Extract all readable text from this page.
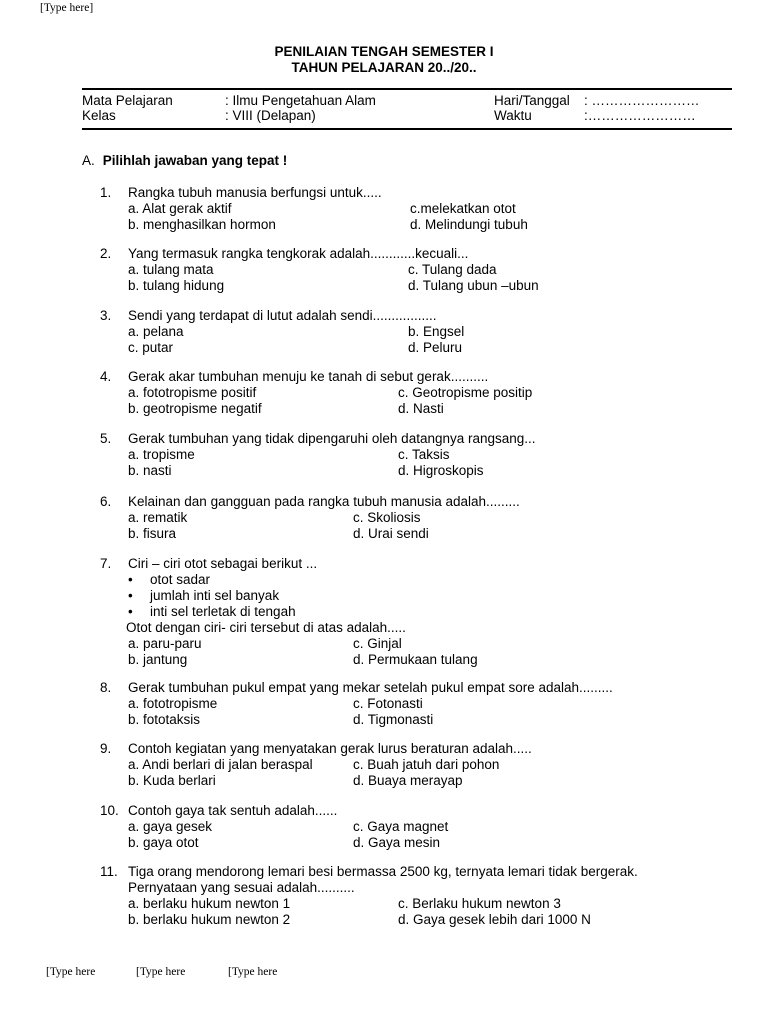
[Type here]
PENILAIAN TENGAH SEMESTER I
TAHUN PELAJARAN 20../20..
Mata Pelajaran	: Ilmu Pengetahuan Alam	Hari/Tanggal : ……………………
Kelas	: VIII (Delapan)	Waktu	:……………………
A. Pilihlah jawaban yang tepat !
1. Rangka tubuh manusia berfungsi untuk.....
a. Alat gerak aktif	c.melekatkan otot
b. menghasilkan hormon	d. Melindungi tubuh
2. Yang termasuk rangka tengkorak adalah............kecuali...
a. tulang mata	c. Tulang dada
b. tulang hidung	d. Tulang ubun –ubun
3. Sendi yang terdapat di lutut adalah sendi.................
a. pelana	b. Engsel
c. putar	d. Peluru
4. Gerak akar tumbuhan menuju ke tanah di sebut gerak..........
a. fototropisme positif	c. Geotropisme positip
b. geotropisme negatif	d. Nasti
5. Gerak tumbuhan yang tidak dipengaruhi oleh datangnya rangsang...
a. tropisme	c. Taksis
b. nasti	d. Higroskopis
6. Kelainan dan gangguan pada rangka tubuh manusia adalah.........
a. rematik	c. Skoliosis
b. fisura	d. Urai sendi
7. Ciri – ciri otot sebagai berikut ...
• otot sadar
• jumlah inti sel banyak
• inti sel terletak di tengah
Otot dengan ciri- ciri tersebut di atas adalah.....
a. paru-paru	c. Ginjal
b. jantung	d. Permukaan tulang
8. Gerak tumbuhan pukul empat yang mekar setelah pukul empat sore adalah.........
a. fototropisme	c. Fotonasti
b. fototaksis	d. Tigmonasti
9. Contoh kegiatan yang menyatakan gerak lurus beraturan adalah.....
a. Andi berlari di jalan beraspal	c. Buah jatuh dari pohon
b. Kuda berlari	d. Buaya merayap
10. Contoh gaya tak sentuh adalah......
a. gaya gesek	c. Gaya magnet
b. gaya otot	d. Gaya mesin
11. Tiga orang mendorong lemari besi bermassa 2500 kg, ternyata lemari tidak bergerak.
Pernyataan yang sesuai adalah..........
a. berlaku hukum newton 1	c. Berlaku hukum newton 3
b. berlaku hukum newton 2	d. Gaya gesek lebih dari 1000 N
[Type here	[Type here	[Type here
